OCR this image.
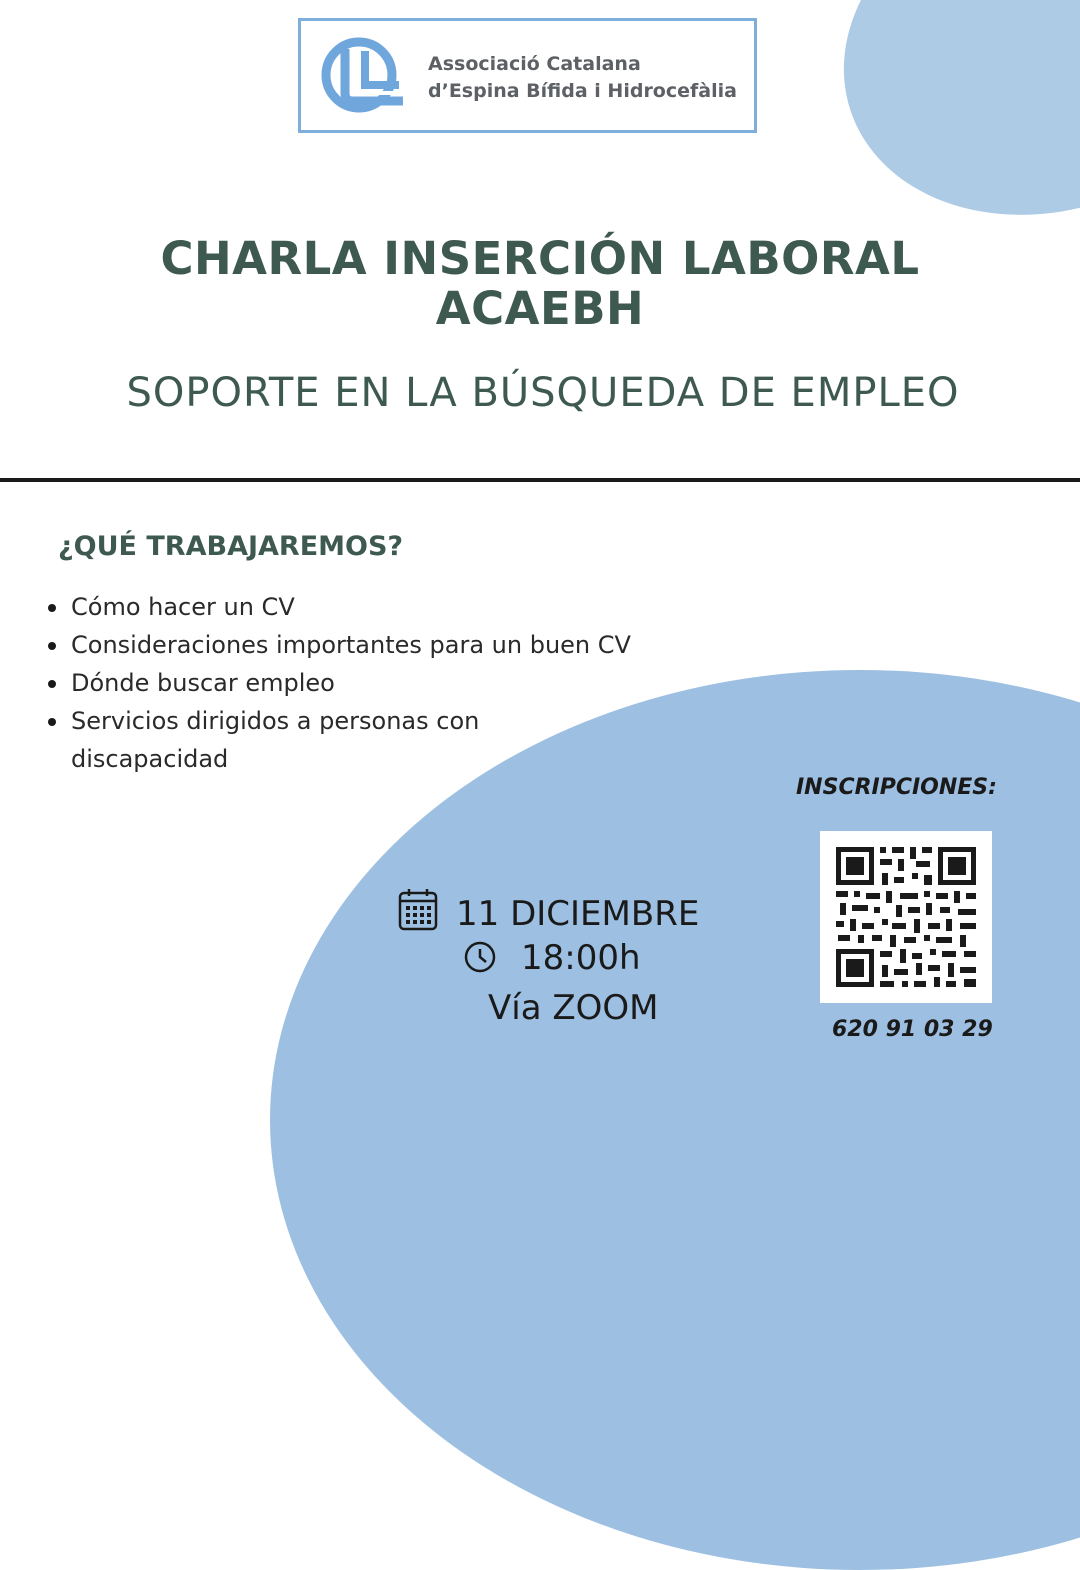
Associació Catalana
d’Espina Bífida i Hidrocefàlia
CHARLA INSERCIÓN LABORAL
ACAEBH
SOPORTE EN LA BÚSQUEDA DE EMPLEO
¿QUÉ TRABAJAREMOS?
Cómo hacer un CV
Consideraciones importantes para un buen CV
Dónde buscar empleo
Servicios dirigidos a personas con discapacidad
11 DICIEMBRE
18:00h
Vía ZOOM
INSCRIPCIONES:
620 91 03 29
